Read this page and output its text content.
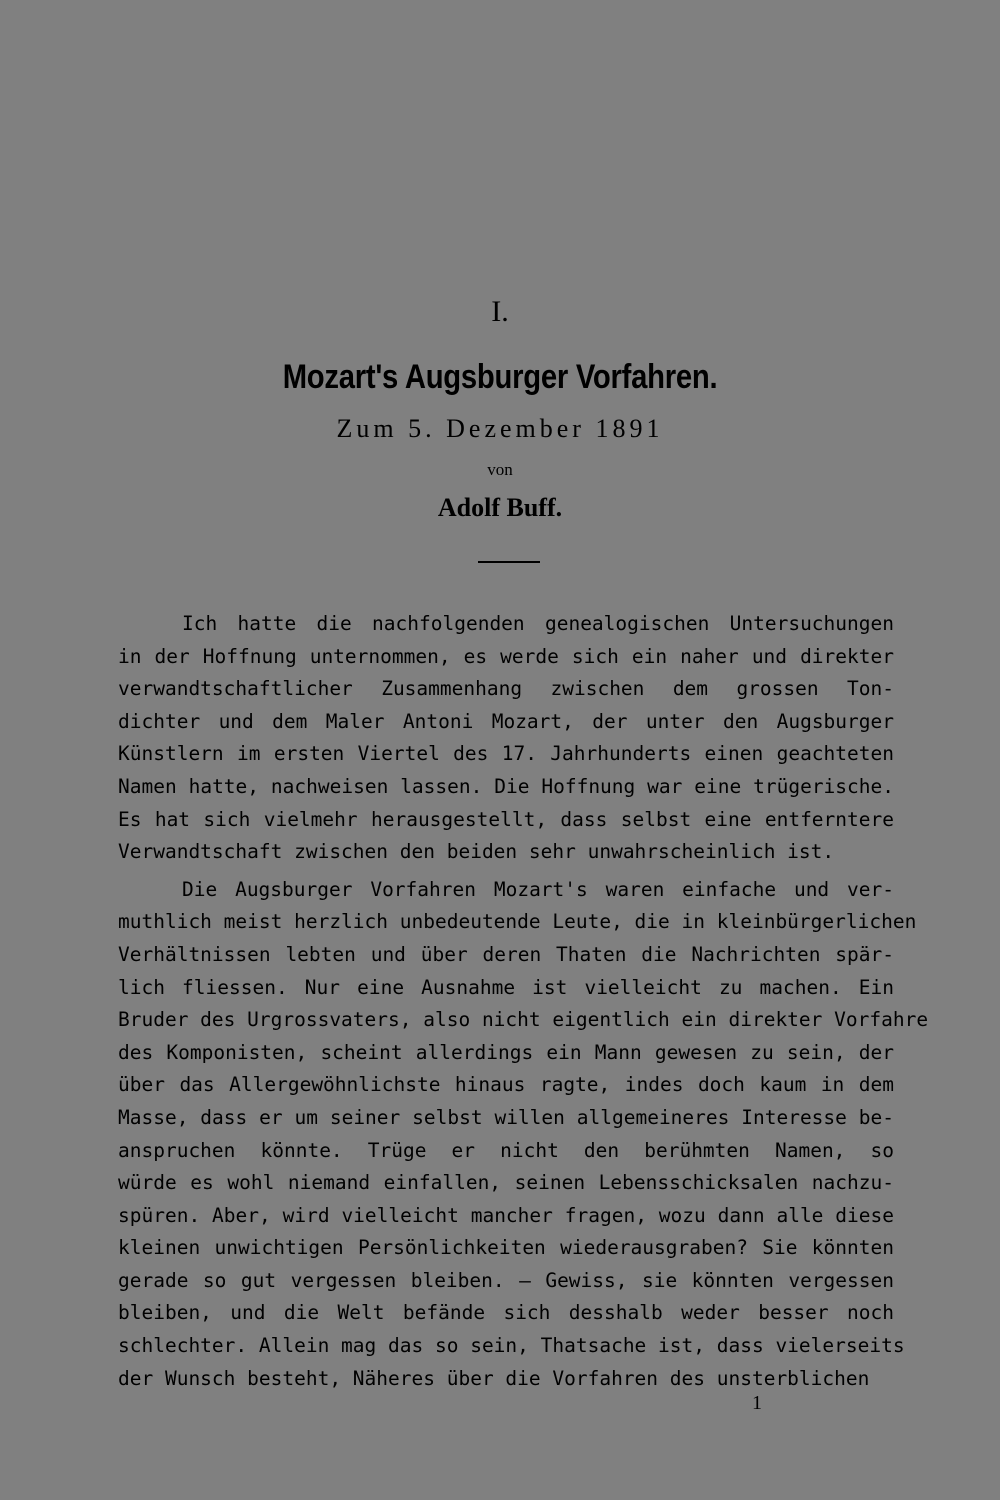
I.
Mozart's Augsburger Vorfahren.
Zum 5. Dezember 1891
von
Adolf Buff.

Ich hatte die nachfolgenden genealogischen Untersuchungen
in der Hoffnung unternommen, es werde sich ein naher und direkter
verwandtschaftlicher Zusammenhang zwischen dem grossen Ton-
dichter und dem Maler Antoni Mozart, der unter den Augsburger
Künstlern im ersten Viertel des 17. Jahrhunderts einen geachteten
Namen hatte, nachweisen lassen. Die Hoffnung war eine trügerische.
Es hat sich vielmehr herausgestellt, dass selbst eine entferntere
Verwandtschaft zwischen den beiden sehr unwahrscheinlich ist.

Die Augsburger Vorfahren Mozart's waren einfache und ver-
muthlich meist herzlich unbedeutende Leute, die in kleinbürgerlichen
Verhältnissen lebten und über deren Thaten die Nachrichten spär-
lich fliessen. Nur eine Ausnahme ist vielleicht zu machen. Ein
Bruder des Urgrossvaters, also nicht eigentlich ein direkter Vorfahre
des Komponisten, scheint allerdings ein Mann gewesen zu sein, der
über das Allergewöhnlichste hinaus ragte, indes doch kaum in dem
Masse, dass er um seiner selbst willen allgemeineres Interesse be-
anspruchen könnte. Trüge er nicht den berühmten Namen, so
würde es wohl niemand einfallen, seinen Lebensschicksalen nachzu-
spüren. Aber, wird vielleicht mancher fragen, wozu dann alle diese
kleinen unwichtigen Persönlichkeiten wiederausgraben? Sie könnten
gerade so gut vergessen bleiben. — Gewiss, sie könnten vergessen
bleiben, und die Welt befände sich desshalb weder besser noch
schlechter. Allein mag das so sein, Thatsache ist, dass vielerseits
der Wunsch besteht, Näheres über die Vorfahren des unsterblichen

1
